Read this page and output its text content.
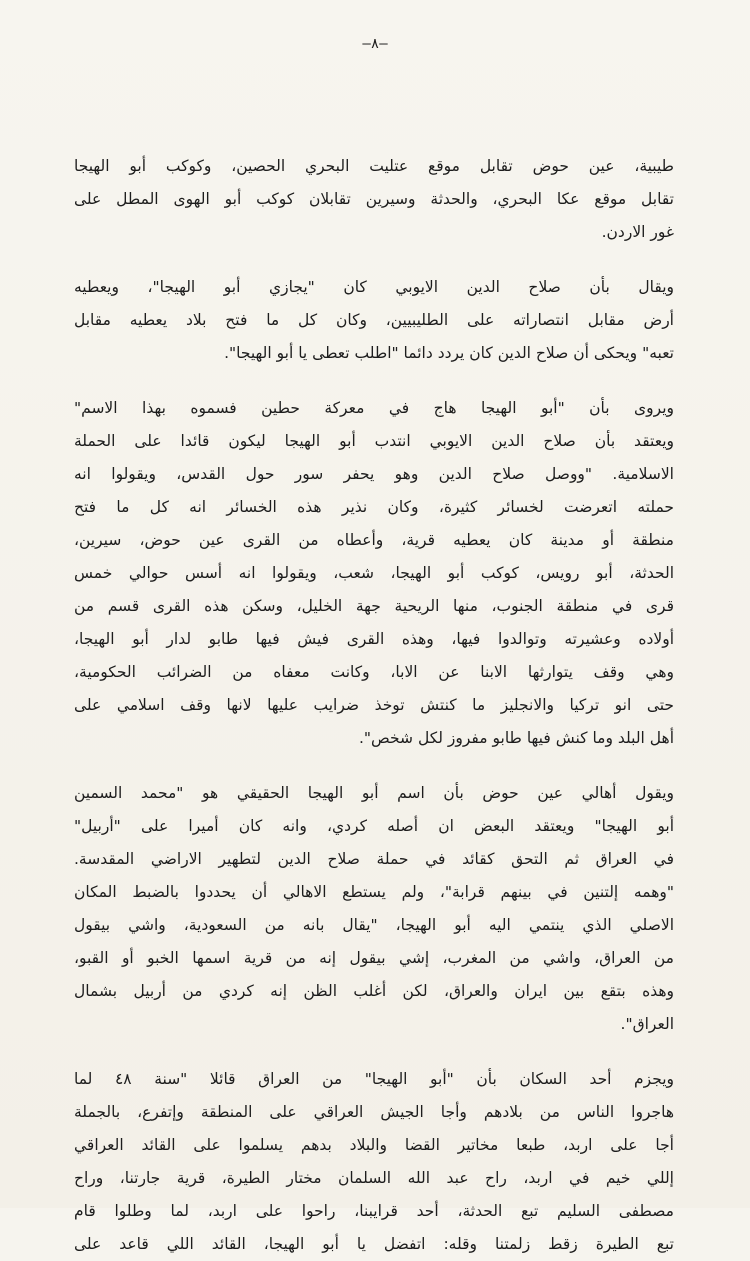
—٨—

طيبية، عين حوض تقابل موقع عتليت البحري الحصين، وكوكب أبو الهيجا
تقابل موقع عكا البحري، والحدثة وسيرين تقابلان كوكب أبو الهوى المطل على
غور الاردن.

ويقال بأن صلاح الدين الايوبي كان "يجازي أبو الهيجا"، ويعطيه
أرض مقابل انتصاراته على الطليبيين، وكان كل ما فتح بلاد يعطيه مقابل
تعبه" ويحكى أن صلاح الدين كان يردد دائما "اطلب تعطى يا أبو الهيجا".

ويروى بأن "أبو الهيجا هاج في معركة حطين فسموه بهذا الاسم"
ويعتقد بأن صلاح الدين الايوبي انتدب أبو الهيجا ليكون قائدا على الحملة
الاسلامية. "ووصل صلاح الدين وهو يحفر سور حول القدس، ويقولوا انه
حملته اتعرضت لخسائر كثيرة، وكان نذير هذه الخسائر انه كل ما فتح
منطقة أو مدينة كان يعطيه قرية، وأعطاه من القرى عين حوض، سيرين،
الحدثة، أبو رويس، كوكب أبو الهيجا، شعب، ويقولوا انه أسس حوالي خمس
قرى في منطقة الجنوب، منها الريحية جهة الخليل، وسكن هذه القرى قسم من
أولاده وعشيرته وتوالدوا فيها، وهذه القرى فيش فيها طابو لدار أبو الهيجا،
وهي وقف يتوارثها الابنا عن الابا، وكانت معفاه من الضرائب الحكومية،
حتى انو تركيا والانجليز ما كنتش توخذ ضرايب عليها لانها وقف اسلامي على
أهل البلد وما كنش فيها طابو مفروز لكل شخص".

ويقول أهالي عين حوض بأن اسم أبو الهيجا الحقيقي هو "محمد السمين
أبو الهيجا" ويعتقد البعض ان أصله كردي، وانه كان أميرا على "أربيل"
في العراق ثم التحق كقائد في حملة صلاح الدين لتطهير الاراضي المقدسة.
"وهمه إلتنين في بينهم قرابة"، ولم يستطع الاهالي أن يحددوا بالضبط المكان
الاصلي الذي ينتمي اليه أبو الهيجا، "يقال بانه من السعودية، واشي بيقول
من العراق، واشي من المغرب، إشي بيقول إنه من قرية اسمها الخبو أو القبو،
وهذه بتقع بين ايران والعراق، لكن أغلب الظن إنه كردي من أربيل بشمال
العراق".

ويجزم أحد السكان بأن "أبو الهيجا" من العراق قائلا "سنة ٤٨ لما
هاجروا الناس من بلادهم وأجا الجيش العراقي على المنطقة وإتفرع، بالجملة
أجا على اربد، طبعا مخاتير القضا والبلاد بدهم يسلموا على القائد العراقي
إللي خيم في اربد، راح عبد الله السلمان مختار الطيرة، قرية جارتنا، وراح
مصطفى السليم تبع الحدثة، أحد قرايبنا، راحوا على اربد، لما وطلوا قام
تبع الطيرة زقط زلمتنا وقله: اتفضل يا أبو الهيجا، القائد اللي قاعد على
